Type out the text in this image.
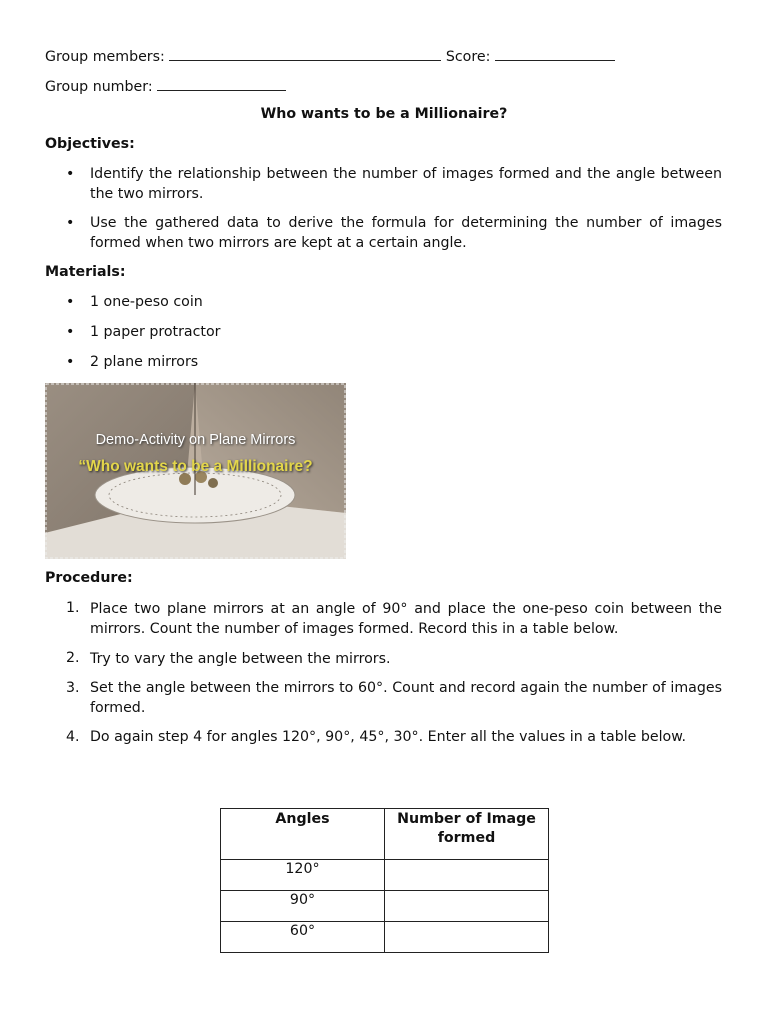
Group members:	Score:
Group number:
Who wants to be a Millionaire?
Objectives:
• Identify the relationship between the number of images formed and the angle between the two mirrors.
• Use the gathered data to derive the formula for determining the number of images formed when two mirrors are kept at a certain angle.
Materials:
• 1 one-peso coin
• 1 paper protractor
• 2 plane mirrors
Demo-Activity on Plane Mirrors
“Who wants to be a Millionaire?
Procedure:
1. Place two plane mirrors at an angle of 90° and place the one-peso coin between the mirrors. Count the number of images formed. Record this in a table below.
2. Try to vary the angle between the mirrors.
3. Set the angle between the mirrors to 60°. Count and record again the number of images formed.
4. Do again step 4 for angles 120°, 90°, 45°, 30°. Enter all the values in a table below.
Angles	Number of Image formed
120°	
90°	
60°	
